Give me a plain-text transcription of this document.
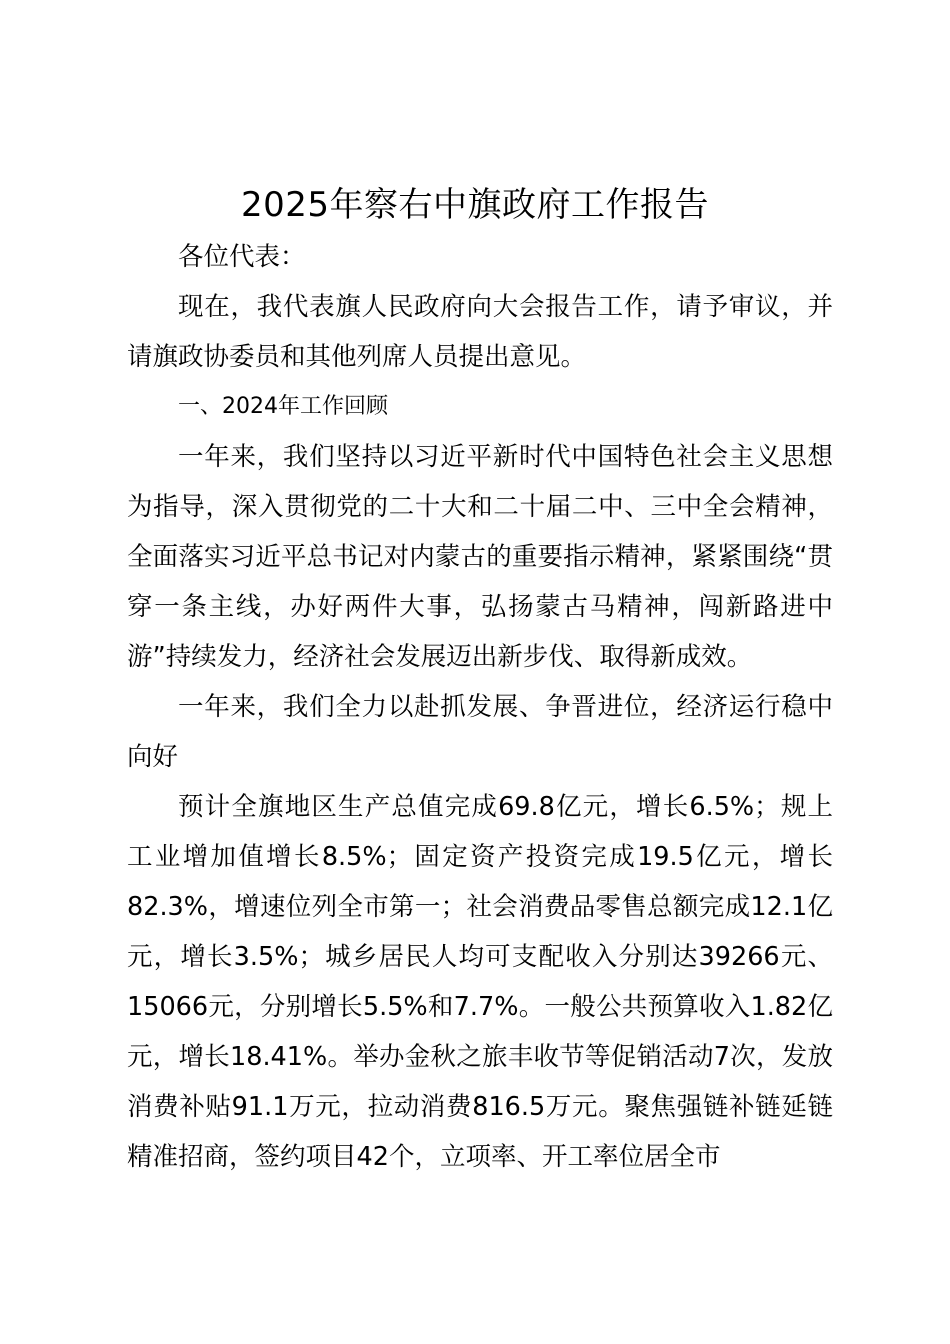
2025年察右中旗政府工作报告

各位代表：

现在，我代表旗人民政府向大会报告工作，请予审议，并请旗政协委员和其他列席人员提出意见。

一、2024年工作回顾

一年来，我们坚持以习近平新时代中国特色社会主义思想为指导，深入贯彻党的二十大和二十届二中、三中全会精神，全面落实习近平总书记对内蒙古的重要指示精神，紧紧围绕“贯穿一条主线，办好两件大事，弘扬蒙古马精神，闯新路进中游”持续发力，经济社会发展迈出新步伐、取得新成效。

一年来，我们全力以赴抓发展、争晋进位，经济运行稳中向好

预计全旗地区生产总值完成69.8亿元，增长6.5%；规上工业增加值增长8.5%；固定资产投资完成19.5亿元，增长82.3%，增速位列全市第一；社会消费品零售总额完成12.1亿元，增长3.5%；城乡居民人均可支配收入分别达39266元、15066元，分别增长5.5%和7.7%。一般公共预算收入1.82亿元，增长18.41%。举办金秋之旅丰收节等促销活动7次，发放消费补贴91.1万元，拉动消费816.5万元。聚焦强链补链延链精准招商，签约项目42个，立项率、开工率位居全市
